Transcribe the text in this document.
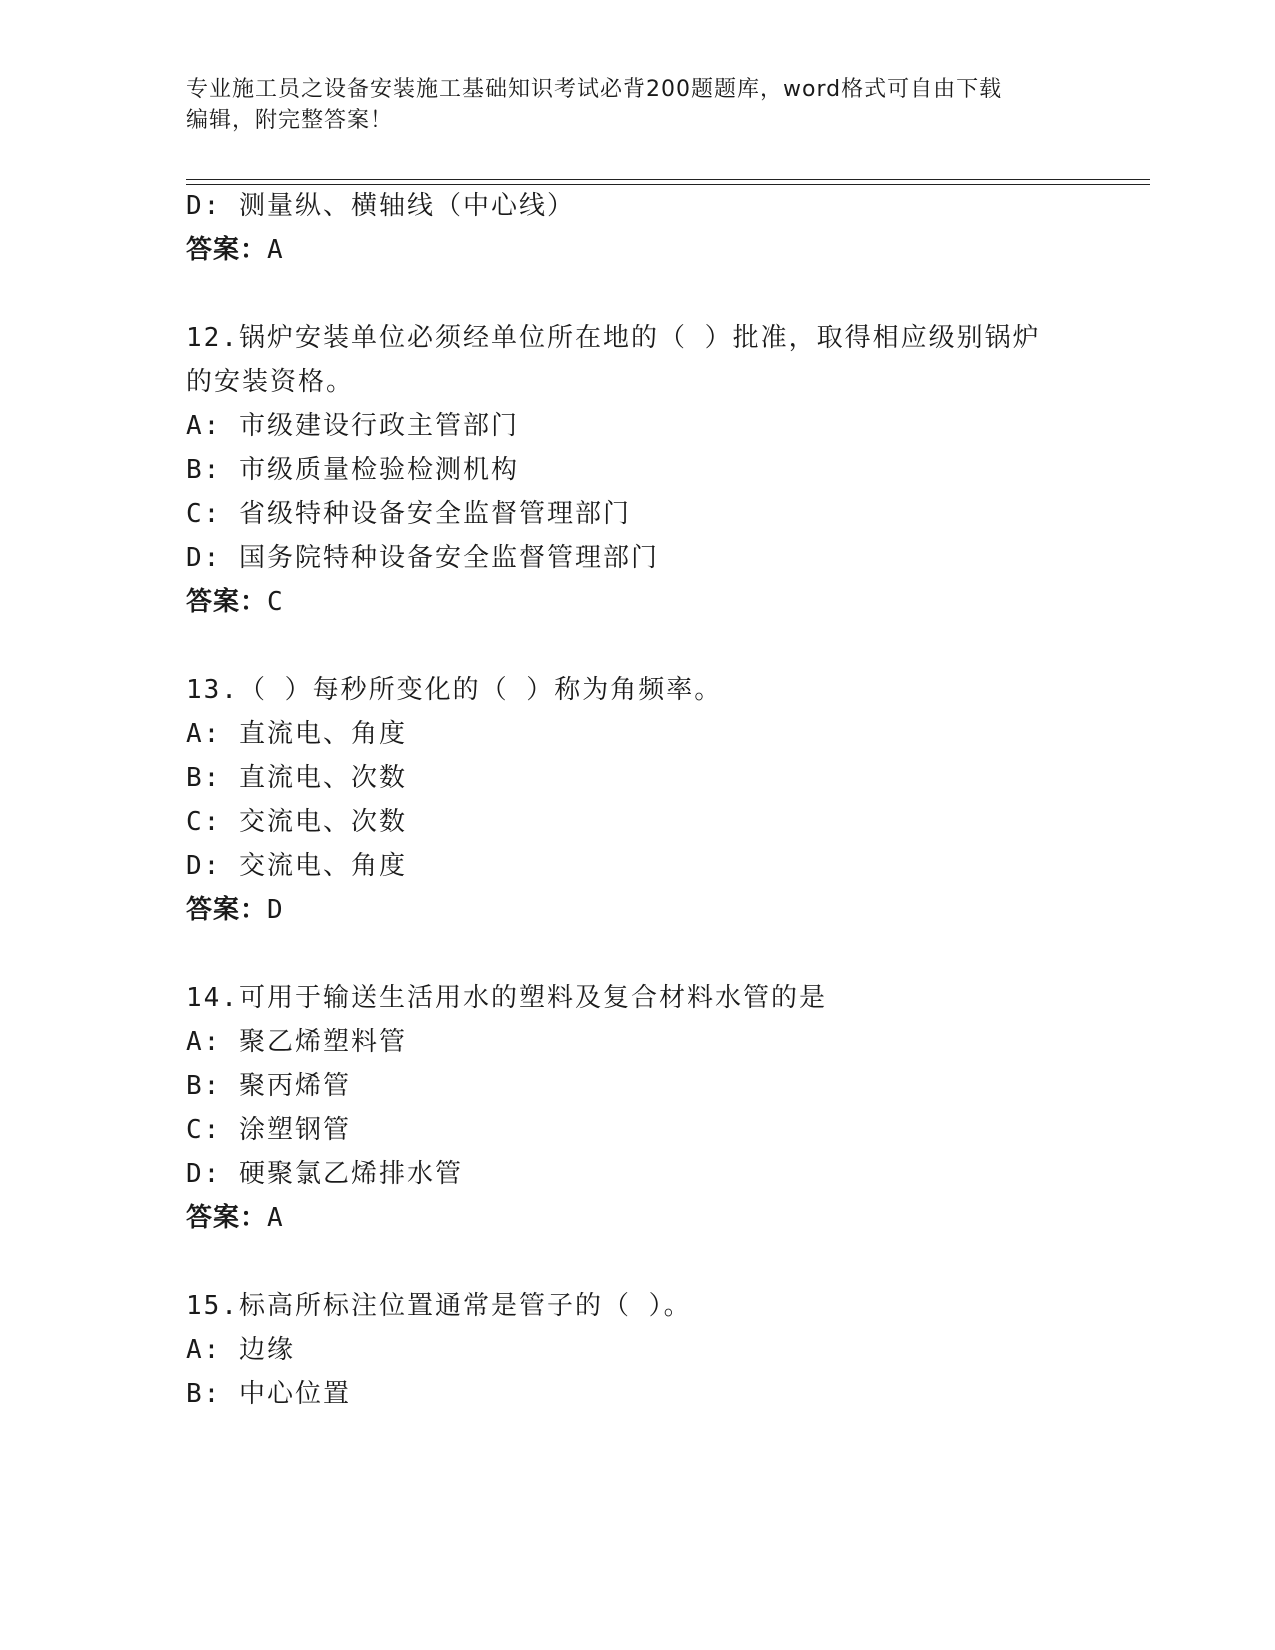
专业施工员之设备安装施工基础知识考试必背200题题库，word格式可自由下载
编辑，附完整答案！
D: 测量纵、横轴线（中心线）
答案：A
12.锅炉安装单位必须经单位所在地的（ ）批准，取得相应级别锅炉
的安装资格。
A: 市级建设行政主管部门
B: 市级质量检验检测机构
C: 省级特种设备安全监督管理部门
D: 国务院特种设备安全监督管理部门
答案：C
13.（ ）每秒所变化的（ ）称为角频率。
A: 直流电、角度
B: 直流电、次数
C: 交流电、次数
D: 交流电、角度
答案：D
14.可用于输送生活用水的塑料及复合材料水管的是
A: 聚乙烯塑料管
B: 聚丙烯管
C: 涂塑钢管
D: 硬聚氯乙烯排水管
答案：A
15.标高所标注位置通常是管子的（ ）。
A: 边缘
B: 中心位置
